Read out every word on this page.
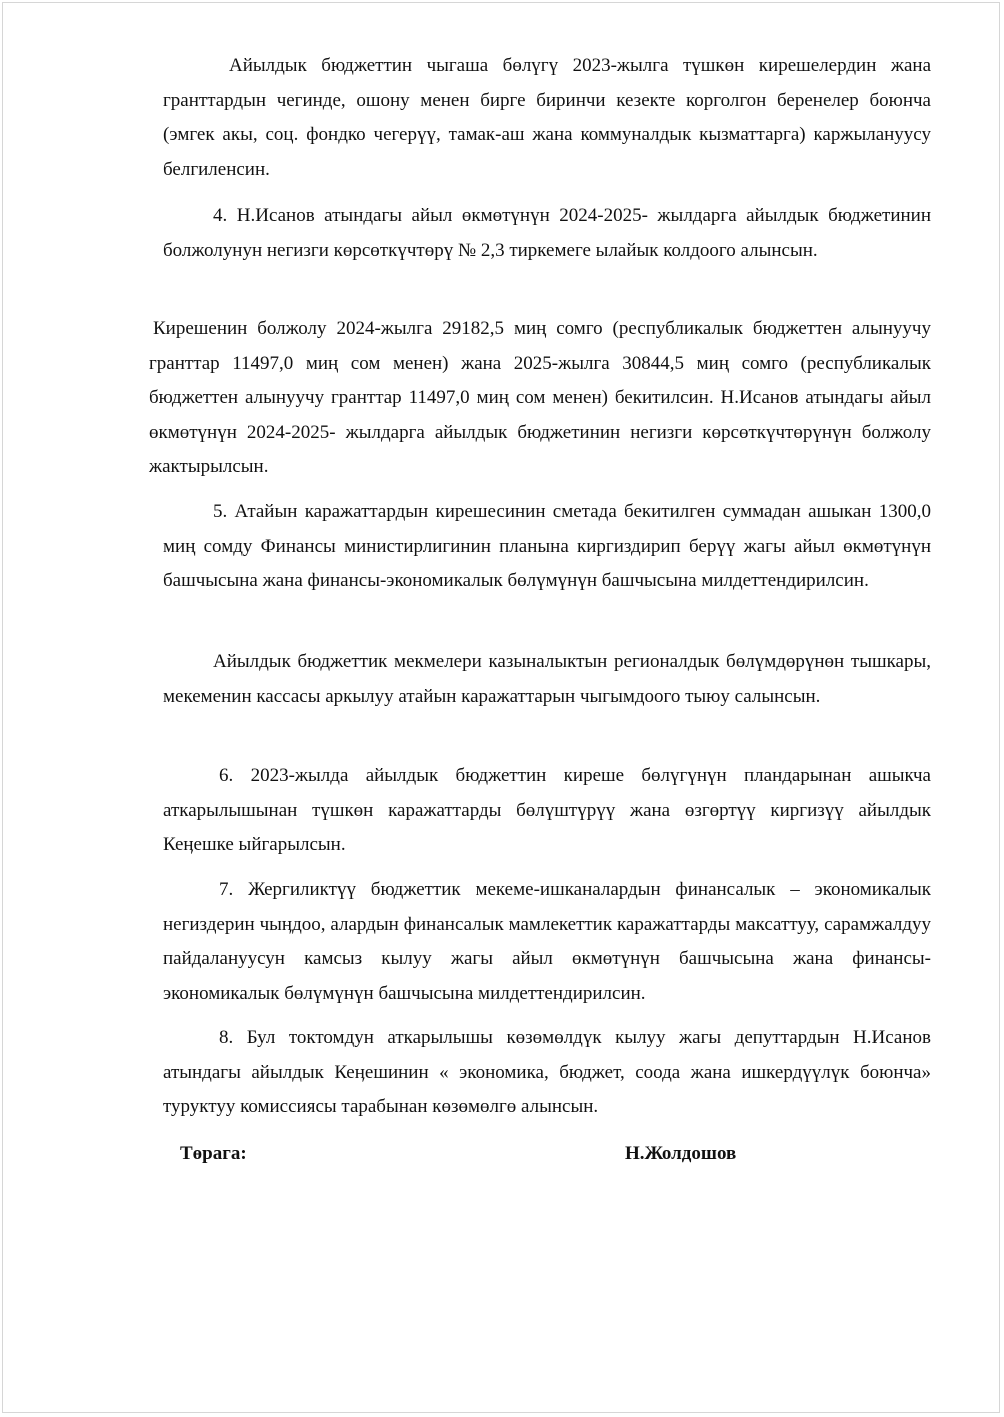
Айылдык бюджеттин чыгаша бөлүгү 2023-жылга түшкөн кирешелердин жана гранттардын чегинде, ошону менен бирге биринчи кезекте корголгон беренелер боюнча (эмгек акы, соц. фондко чегерүү, тамак-аш жана коммуналдык кызматтарга) каржылануусу белгиленсин.

4. Н.Исанов атындагы айыл өкмөтүнүн 2024-2025- жылдарга айылдык бюджетинин болжолунун негизги көрсөткүчтөрү № 2,3 тиркемеге ылайык колдоого алынсын.

Кирешенин болжолу 2024-жылга 29182,5 миң сомго (республикалык бюджеттен алынуучу гранттар 11497,0 миң сом менен) жана 2025-жылга 30844,5 миң сомго (республикалык бюджеттен алынуучу гранттар 11497,0 миң сом менен) бекитилсин. Н.Исанов атындагы айыл өкмөтүнүн 2024-2025- жылдарга айылдык бюджетинин негизги көрсөткүчтөрүнүн болжолу жактырылсын.

5. Атайын каражаттардын кирешесинин сметада бекитилген суммадан ашыкан 1300,0 миң сомду Финансы министирлигинин планына киргиздирип берүү жагы айыл өкмөтүнүн башчысына жана финансы-экономикалык бөлүмүнүн башчысына милдеттендирилсин.

Айылдык бюджеттик мекмелери казыналыктын регионалдык бөлүмдөрүнөн тышкары, мекеменин кассасы аркылуу атайын каражаттарын чыгымдоого тыюу салынсын.

6. 2023-жылда айылдык бюджеттин киреше бөлүгүнүн пландарынан ашыкча аткарылышынан түшкөн каражаттарды бөлүштүрүү жана өзгөртүү киргизүү айылдык Кеӊешке ыйгарылсын.

7. Жергиликтүү бюджеттик мекеме-ишканалардын финансалык – экономикалык негиздерин чыӊдоо, алардын финансалык мамлекеттик каражаттарды максаттуу, сарамжалдуу пайдалануусун камсыз кылуу жагы айыл өкмөтүнүн башчысына жана финансы-экономикалык бөлүмүнүн башчысына милдеттендирилсин.

8. Бул токтомдун аткарылышы көзөмөлдүк кылуу жагы депуттардын Н.Исанов атындагы айылдык Кеӊешинин « экономика, бюджет, соода жана ишкердүүлүк боюнча» туруктуу комиссиясы тарабынан көзөмөлгө алынсын.

Төрага:	Н.Жолдошов
